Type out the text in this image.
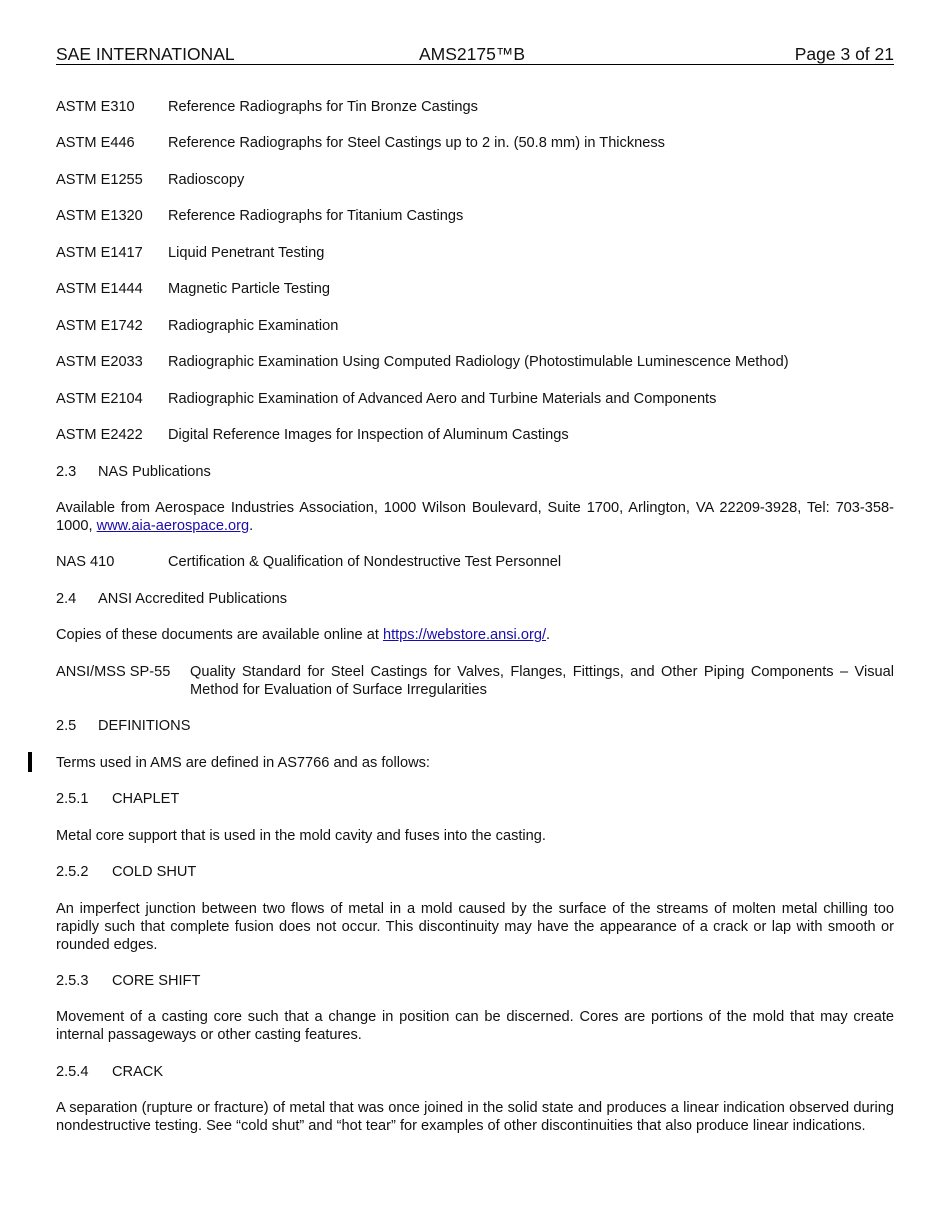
SAE INTERNATIONAL	AMS2175™B	Page 3 of 21
ASTM E310 Reference Radiographs for Tin Bronze Castings
ASTM E446 Reference Radiographs for Steel Castings up to 2 in. (50.8 mm) in Thickness
ASTM E1255 Radioscopy
ASTM E1320 Reference Radiographs for Titanium Castings
ASTM E1417 Liquid Penetrant Testing
ASTM E1444 Magnetic Particle Testing
ASTM E1742 Radiographic Examination
ASTM E2033 Radiographic Examination Using Computed Radiology (Photostimulable Luminescence Method)
ASTM E2104 Radiographic Examination of Advanced Aero and Turbine Materials and Components
ASTM E2422 Digital Reference Images for Inspection of Aluminum Castings
2.3 NAS Publications
Available from Aerospace Industries Association, 1000 Wilson Boulevard, Suite 1700, Arlington, VA 22209-3928, Tel: 703-358-1000, www.aia-aerospace.org.
NAS 410	Certification & Qualification of Nondestructive Test Personnel
2.4 ANSI Accredited Publications
Copies of these documents are available online at https://webstore.ansi.org/.
ANSI/MSS SP-55 Quality Standard for Steel Castings for Valves, Flanges, Fittings, and Other Piping Components – Visual Method for Evaluation of Surface Irregularities
2.5 DEFINITIONS
Terms used in AMS are defined in AS7766 and as follows:
2.5.1 CHAPLET
Metal core support that is used in the mold cavity and fuses into the casting.
2.5.2 COLD SHUT
An imperfect junction between two flows of metal in a mold caused by the surface of the streams of molten metal chilling too rapidly such that complete fusion does not occur. This discontinuity may have the appearance of a crack or lap with smooth or rounded edges.
2.5.3 CORE SHIFT
Movement of a casting core such that a change in position can be discerned. Cores are portions of the mold that may create internal passageways or other casting features.
2.5.4 CRACK
A separation (rupture or fracture) of metal that was once joined in the solid state and produces a linear indication observed during nondestructive testing. See “cold shut” and “hot tear” for examples of other discontinuities that also produce linear indications.
